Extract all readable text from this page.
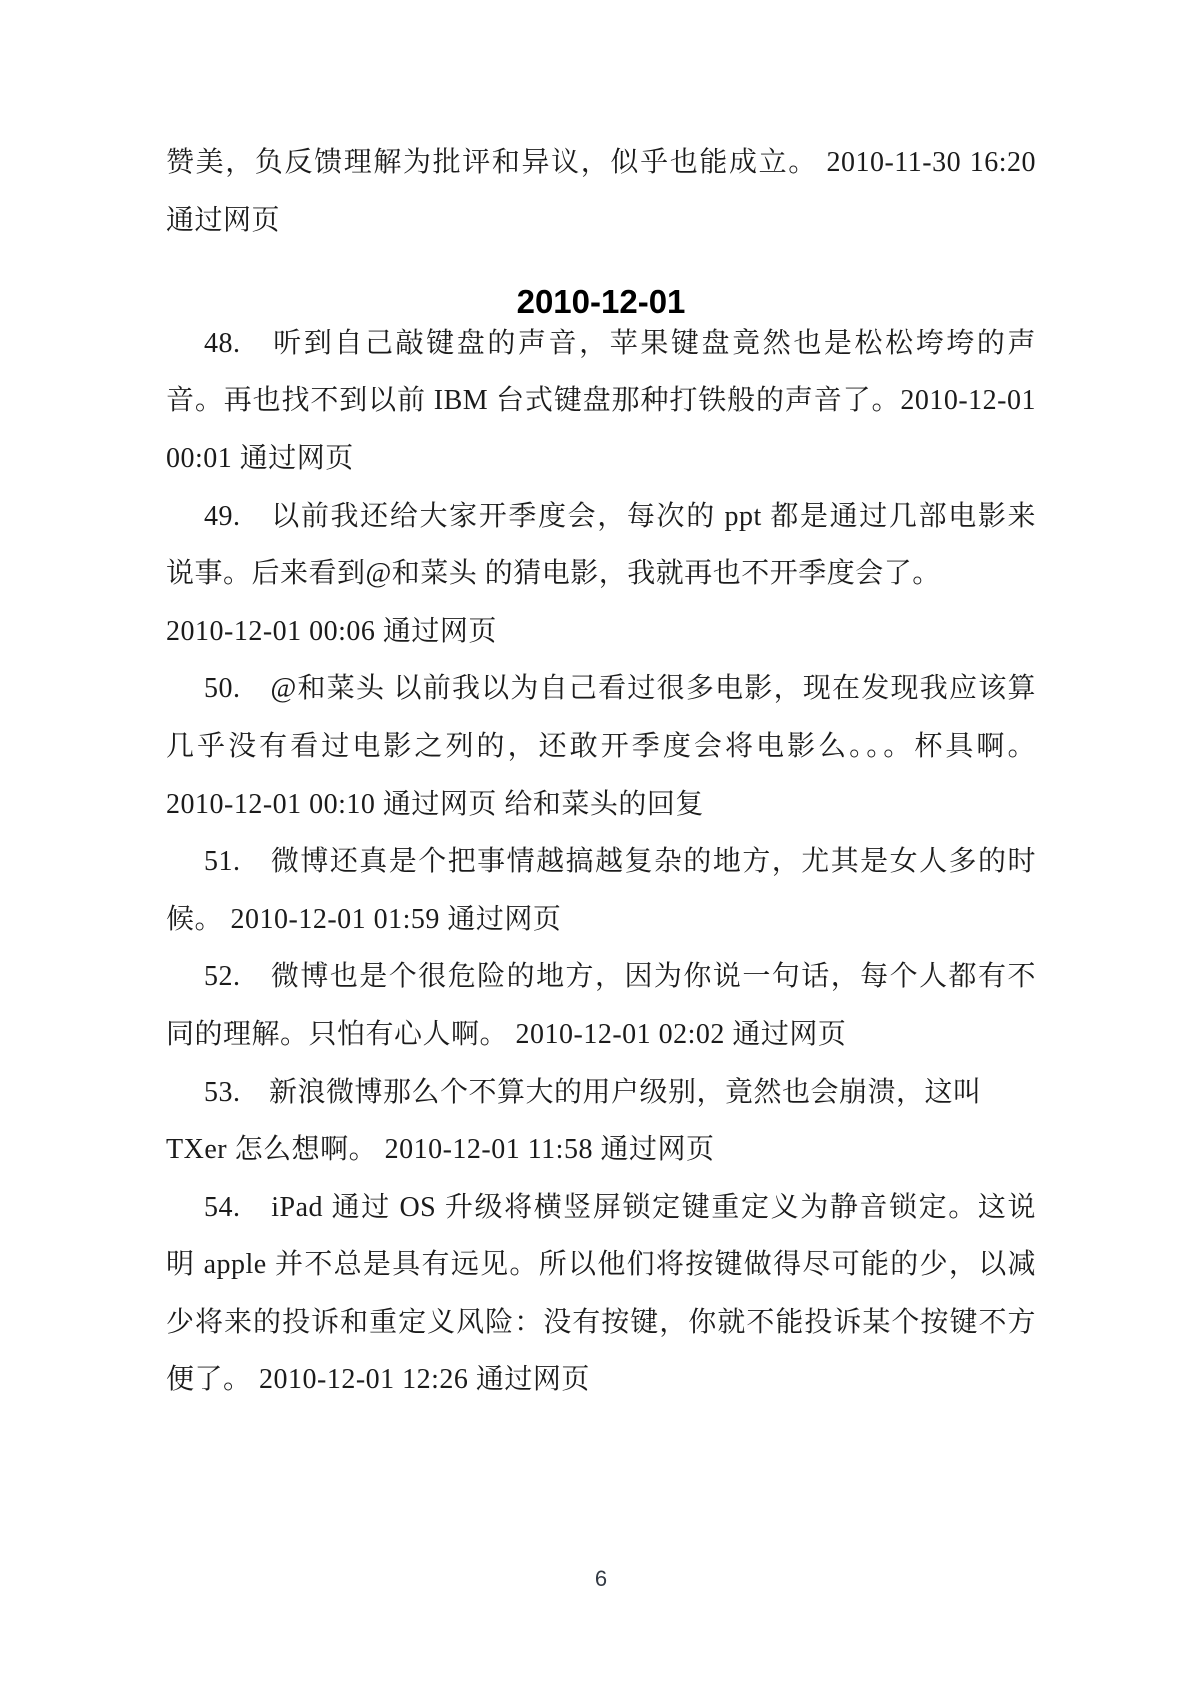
赞美，负反馈理解为批评和异议，似乎也能成立。 2010-11-30 16:20
通过网页
2010-12-01
48.　听到自己敲键盘的声音，苹果键盘竟然也是松松垮垮的声
音。再也找不到以前 IBM 台式键盘那种打铁般的声音了。2010-12-01
00:01 通过网页
49.　以前我还给大家开季度会，每次的 ppt 都是通过几部电影来
说事。后来看到@和菜头 的猜电影，我就再也不开季度会了。
2010-12-01 00:06 通过网页
50.　@和菜头 以前我以为自己看过很多电影，现在发现我应该算
几乎没有看过电影之列的，还敢开季度会将电影么。。。杯具啊。
2010-12-01 00:10 通过网页 给和菜头的回复
51.　微博还真是个把事情越搞越复杂的地方，尤其是女人多的时
候。 2010-12-01 01:59 通过网页
52.　微博也是个很危险的地方，因为你说一句话，每个人都有不
同的理解。只怕有心人啊。 2010-12-01 02:02 通过网页
53.　新浪微博那么个不算大的用户级别，竟然也会崩溃，这叫
TXer 怎么想啊。 2010-12-01 11:58 通过网页
54.　iPad 通过 OS 升级将横竖屏锁定键重定义为静音锁定。这说
明 apple 并不总是具有远见。所以他们将按键做得尽可能的少，以减
少将来的投诉和重定义风险：没有按键，你就不能投诉某个按键不方
便了。 2010-12-01 12:26 通过网页
6
